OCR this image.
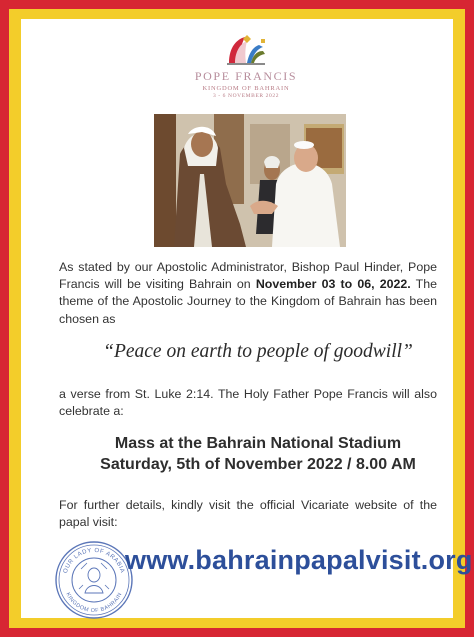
POPE FRANCIS
KINGDOM OF BAHRAIN
3 - 6 NOVEMBER 2022
As stated by our Apostolic Administrator, Bishop Paul Hinder, Pope Francis will be visiting Bahrain on November 03 to 06, 2022. The theme of the Apostolic Journey to the Kingdom of Bahrain has been chosen as
“Peace on earth to people of goodwill”
a verse from St. Luke 2:14. The Holy Father Pope Francis will also celebrate a:
Mass at the Bahrain National Stadium
Saturday, 5th of November 2022 / 8.00 AM
For further details, kindly visit the official Vicariate website of the papal visit:
OUR LADY OF ARABIA
KINGDOM OF BAHRAIN
www.bahrainpapalvisit.org
